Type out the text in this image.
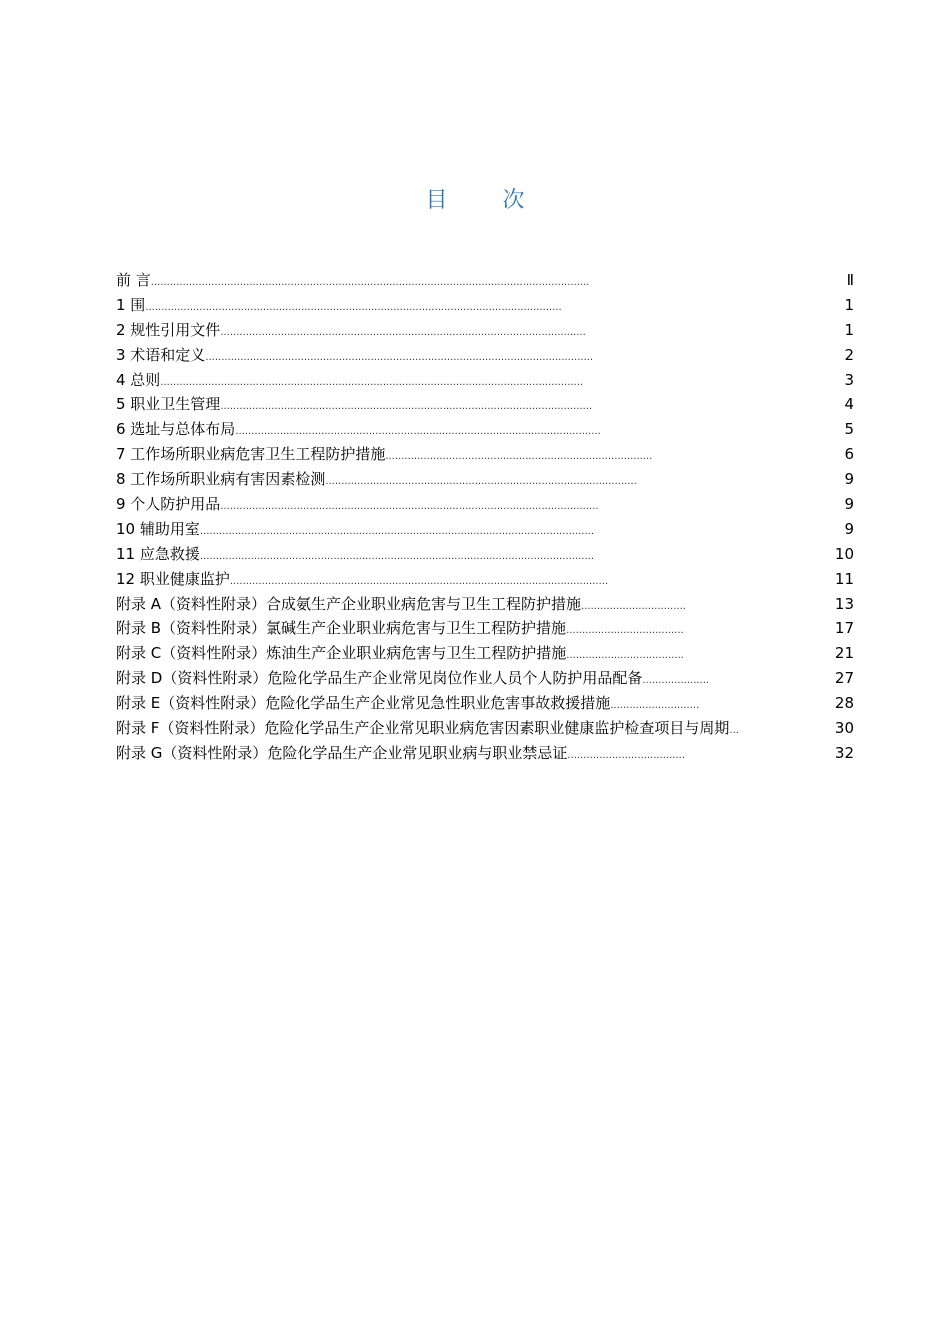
目 次
前 言..........................................................................................................................................	Ⅱ
1 围...................................................................................................................................	1
2 规性引用文件...................................................................................................................	1
3 术语和定义..........................................................................................................................	2
4 总则.....................................................................................................................................	3
5 职业卫生管理.....................................................................................................................	4
6 选址与总体布局...................................................................................................................	5
7 工作场所职业病危害卫生工程防护措施....................................................................................	6
8 工作场所职业病有害因素检测..................................................................................................	9
9 个人防护用品.......................................................................................................................	9
10 辅助用室............................................................................................................................	9
11 应急救援............................................................................................................................	10
12 职业健康监护.......................................................................................................................	11
附录 A（资料性附录）合成氨生产企业职业病危害与卫生工程防护措施.................................	13
附录 B（资料性附录）氯碱生产企业职业病危害与卫生工程防护措施.....................................	17
附录 C（资料性附录）炼油生产企业职业病危害与卫生工程防护措施.....................................	21
附录 D（资料性附录）危险化学品生产企业常见岗位作业人员个人防护用品配备.....................	27
附录 E（资料性附录）危险化学品生产企业常见急性职业危害事故救援措施............................	28
附录 F（资料性附录）危险化学品生产企业常见职业病危害因素职业健康监护检查项目与周期...	30
附录 G（资料性附录）危险化学品生产企业常见职业病与职业禁忌证.....................................	32
